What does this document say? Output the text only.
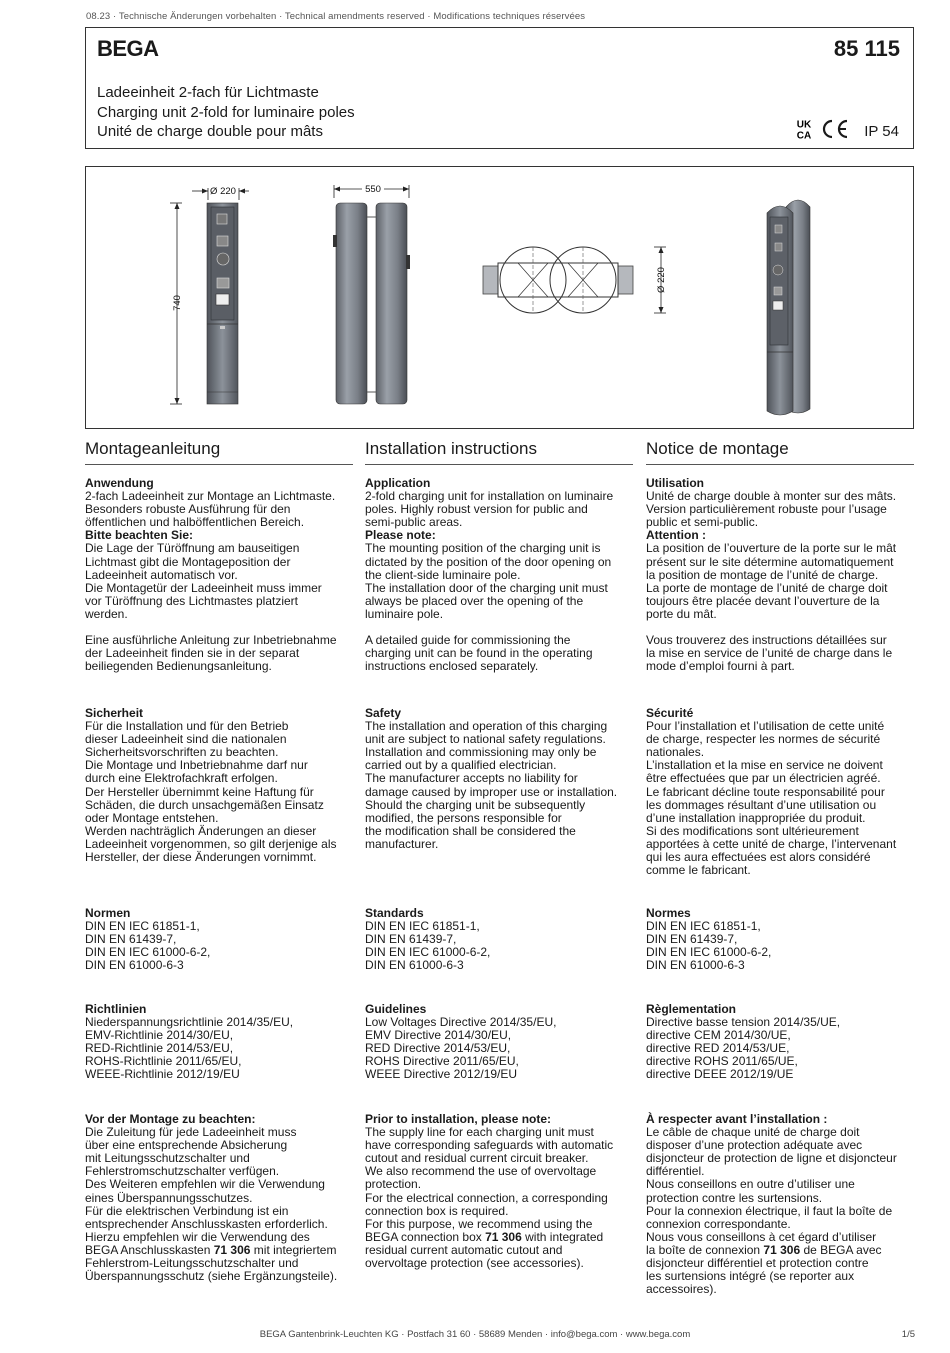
08.23 · Technische Änderungen vorbehalten · Technical amendments reserved · Modifications techniques réservées
BEGA	85 115
Ladeeinheit 2-fach für Lichtmaste
Charging unit 2-fold for luminaire poles
Unité de charge double pour mâts	UK
CA	IP 54
Ø 220
740
550
Ø 220
Montageanleitung

Anwendung

2-fach Ladeeinheit zur Montage an Lichtmaste.
Besonders robuste Ausführung für den
öffentlichen und halböffentlichen Bereich.

Bitte beachten Sie:

Die Lage der Türöffnung am bauseitigen
Lichtmast gibt die Montageposition der
Ladeeinheit automatisch vor.
Die Montagetür der Ladeeinheit muss immer
vor Türöffnung des Lichtmastes platziert
werden.

Eine ausführliche Anleitung zur Inbetriebnahme
der Ladeeinheit finden sie in der separat
beiliegenden Bedienungsanleitung.

Sicherheit

Für die Installation und für den Betrieb
dieser Ladeeinheit sind die nationalen
Sicherheitsvorschriften zu beachten.
Die Montage und Inbetriebnahme darf nur
durch eine Elektrofachkraft erfolgen.
Der Hersteller übernimmt keine Haftung für
Schäden, die durch unsachgemäßen Einsatz
oder Montage entstehen.
Werden nachträglich Änderungen an dieser
Ladeeinheit vorgenommen, so gilt derjenige als
Hersteller, der diese Änderungen vornimmt.

Normen

DIN EN IEC 61851-1,
DIN EN 61439-7,
DIN EN IEC 61000-6-2,
DIN EN 61000-6-3

Richtlinien

Niederspannungsrichtlinie 2014/35/EU,
EMV-Richtlinie 2014/30/EU,
RED-Richtlinie 2014/53/EU,
ROHS-Richtlinie 2011/65/EU,
WEEE-Richtlinie 2012/19/EU

Vor der Montage zu beachten:

Die Zuleitung für jede Ladeeinheit muss
über eine entsprechende Absicherung
mit Leitungsschutzschalter und
Fehlerstromschutzschalter verfügen.
Des Weiteren empfehlen wir die Verwendung
eines Überspannungsschutzes.
Für die elektrischen Verbindung ist ein
entsprechender Anschlusskasten erforderlich.
Hierzu empfehlen wir die Verwendung des
BEGA Anschlusskasten 71 306 mit integriertem
Fehlerstrom-Leitungsschutzschalter und
Überspannungsschutz (siehe Ergänzungsteile).

Installation instructions

Application

2-fold charging unit for installation on luminaire
poles. Highly robust version for public and
semi-public areas.

Please note:

The mounting position of the charging unit is
dictated by the position of the door opening on
the client-side luminaire pole.
The installation door of the charging unit must
always be placed over the opening of the
luminaire pole.

A detailed guide for commissioning the
charging unit can be found in the operating
instructions enclosed separately.

Safety

The installation and operation of this charging
unit are subject to national safety regulations.
Installation and commissioning may only be
carried out by a qualified electrician.
The manufacturer accepts no liability for
damage caused by improper use or installation.
Should the charging unit be subsequently
modified, the persons responsible for
the modification shall be considered the
manufacturer.

Standards

DIN EN IEC 61851-1,
DIN EN 61439-7,
DIN EN IEC 61000-6-2,
DIN EN 61000-6-3

Guidelines

Low Voltages Directive 2014/35/EU,
EMV Directive 2014/30/EU,
RED Directive 2014/53/EU,
ROHS Directive 2011/65/EU,
WEEE Directive 2012/19/EU

Prior to installation, please note:

The supply line for each charging unit must
have corresponding safeguards with automatic
cutout and residual current circuit breaker.
We also recommend the use of overvoltage
protection.
For the electrical connection, a corresponding
connection box is required.
For this purpose, we recommend using the
BEGA connection box 71 306 with integrated
residual current automatic cutout and
overvoltage protection (see accessories).

Notice de montage

Utilisation

Unité de charge double à monter sur des mâts.
Version particulièrement robuste pour l’usage
public et semi-public.

Attention :

La position de l’ouverture de la porte sur le mât
présent sur le site détermine automatiquement
la position de montage de l’unité de charge.
La porte de montage de l’unité de charge doit
toujours être placée devant l’ouverture de la
porte du mât.

Vous trouverez des instructions détaillées sur
la mise en service de l’unité de charge dans le
mode d’emploi fourni à part.

Sécurité

Pour l’installation et l’utilisation de cette unité
de charge, respecter les normes de sécurité
nationales.
L’installation et la mise en service ne doivent
être effectuées que par un électricien agréé.
Le fabricant décline toute responsabilité pour
les dommages résultant d’une utilisation ou
d’une installation inappropriée du produit.
Si des modifications sont ultérieurement
apportées à cette unité de charge, l’intervenant
qui les aura effectuées est alors considéré
comme le fabricant.

Normes

DIN EN IEC 61851-1,
DIN EN 61439-7,
DIN EN IEC 61000-6-2,
DIN EN 61000-6-3

Règlementation

Directive basse tension 2014/35/UE,
directive CEM 2014/30/UE,
directive RED 2014/53/UE,
directive ROHS 2011/65/UE,
directive DEEE 2012/19/UE

À respecter avant l’installation :

Le câble de chaque unité de charge doit
disposer d’une protection adéquate avec
disjoncteur de protection de ligne et disjoncteur
différentiel.
Nous conseillons en outre d’utiliser une
protection contre les surtensions.
Pour la connexion électrique, il faut la boîte de
connexion correspondante.
Nous vous conseillons à cet égard d’utiliser
la boîte de connexion 71 306 de BEGA avec
disjoncteur différentiel et protection contre
les surtensions intégré (se reporter aux
accessoires).

BEGA Gantenbrink-Leuchten KG · Postfach 31 60 · 58689 Menden · info@bega.com · www.bega.com	1/5
